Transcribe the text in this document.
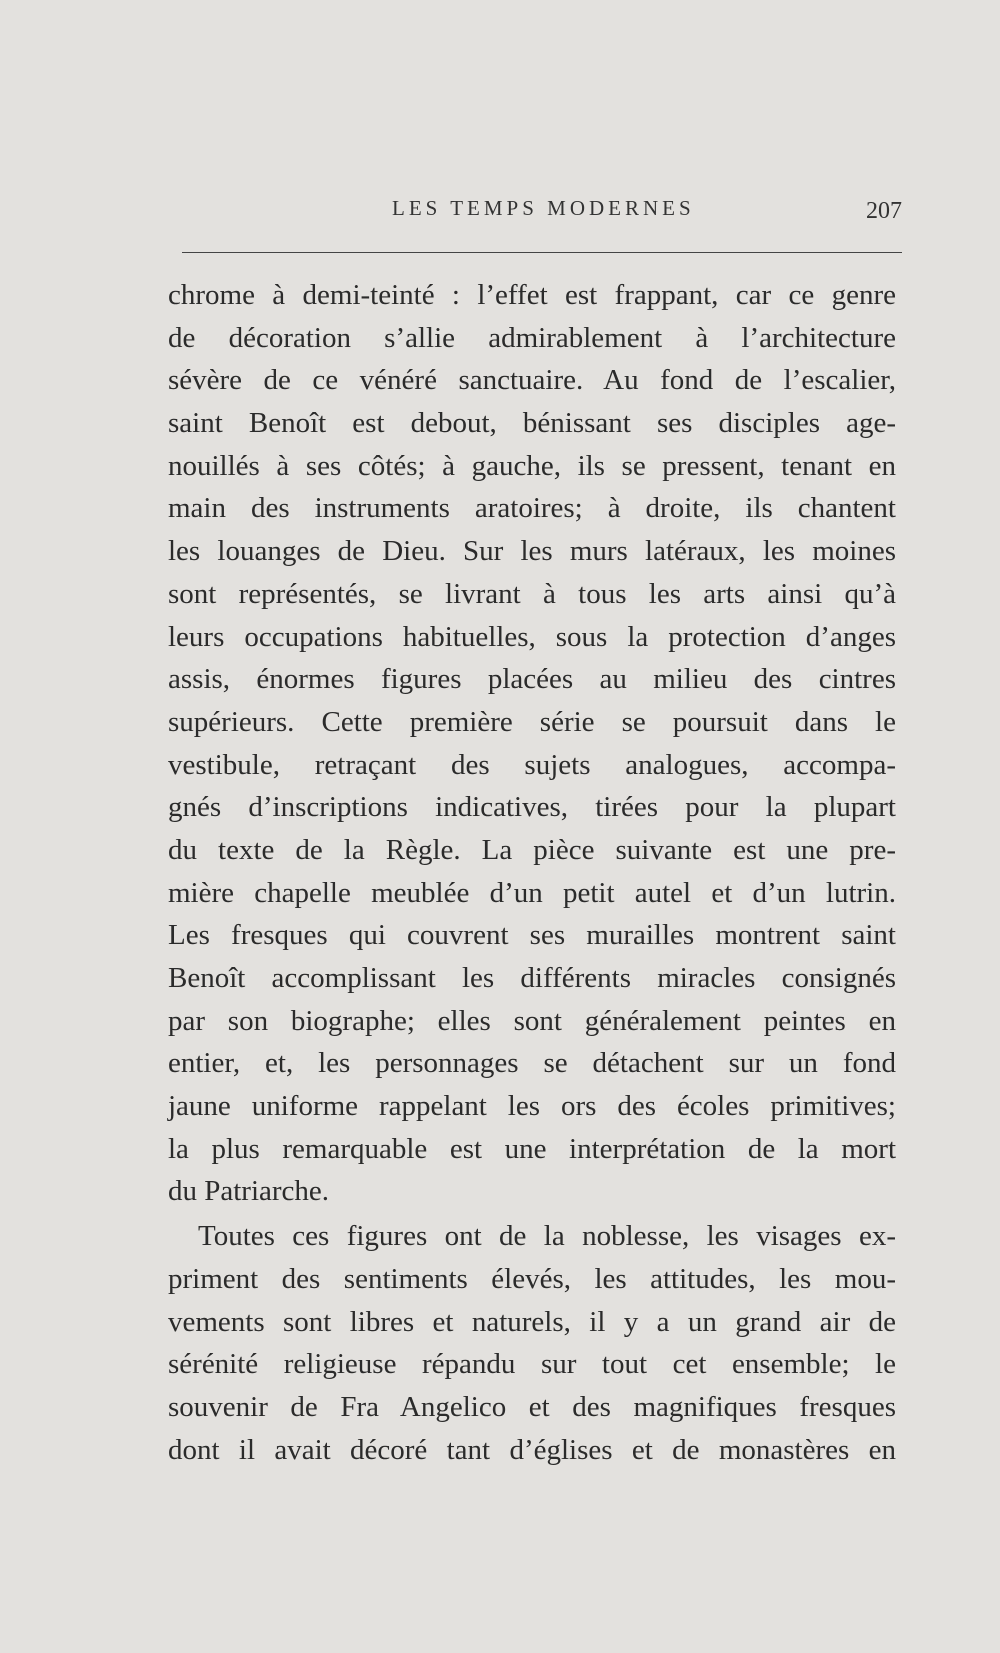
LES TEMPS MODERNES	207
chrome à demi-teinté : l’effet est frappant, car ce genre
de décoration s’allie admirablement à l’architecture
sévère de ce vénéré sanctuaire. Au fond de l’escalier,
saint Benoît est debout, bénissant ses disciples age-
nouillés à ses côtés; à gauche, ils se pressent, tenant en
main des instruments aratoires; à droite, ils chantent
les louanges de Dieu. Sur les murs latéraux, les moines
sont représentés, se livrant à tous les arts ainsi qu’à
leurs occupations habituelles, sous la protection d’anges
assis, énormes figures placées au milieu des cintres
supérieurs. Cette première série se poursuit dans le
vestibule, retraçant des sujets analogues, accompa-
gnés d’inscriptions indicatives, tirées pour la plupart
du texte de la Règle. La pièce suivante est une pre-
mière chapelle meublée d’un petit autel et d’un lutrin.
Les fresques qui couvrent ses murailles montrent saint
Benoît accomplissant les différents miracles consignés
par son biographe; elles sont généralement peintes en
entier, et, les personnages se détachent sur un fond
jaune uniforme rappelant les ors des écoles primitives;
la plus remarquable est une interprétation de la mort
du Patriarche.
Toutes ces figures ont de la noblesse, les visages ex-
priment des sentiments élevés, les attitudes, les mou-
vements sont libres et naturels, il y a un grand air de
sérénité religieuse répandu sur tout cet ensemble; le
souvenir de Fra Angelico et des magnifiques fresques
dont il avait décoré tant d’églises et de monastères en
